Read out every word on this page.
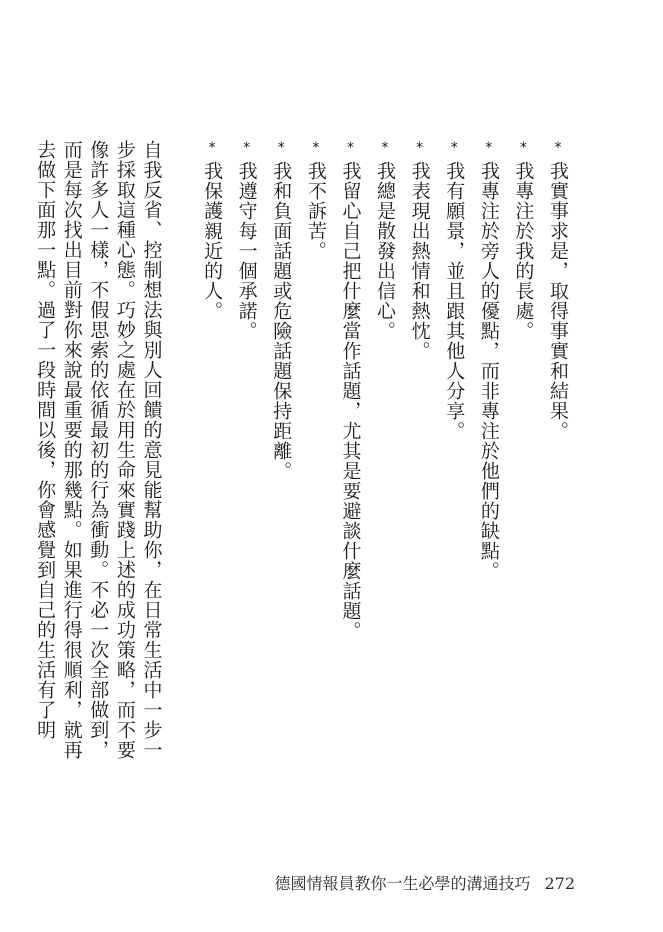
*我實事求是，取得事實和結果。
*我專注於我的長處。
*我專注於旁人的優點，而非專注於他們的缺點。
*我有願景，並且跟其他人分享。
*我表現出熱情和熱忱。
*我總是散發出信心。
*我留心自己把什麼當作話題，尤其是要避談什麼話題。
*我不訴苦。
*我和負面話題或危險話題保持距離。
*我遵守每一個承諾。
*我保護親近的人。
自我反省、控制想法與別人回饋的意見能幫助你，在日常生活中一步一步採取這種心態。巧妙之處在於用生命來實踐上述的成功策略，而不要像許多人一樣，不假思索的依循最初的行為衝動。不必一次全部做到，而是每次找出目前對你來說最重要的那幾點。如果進行得很順利，就再去做下面那一點。過了一段時間以後，你會感覺到自己的生活有了明
德國情報員教你一生必學的溝通技巧 272
